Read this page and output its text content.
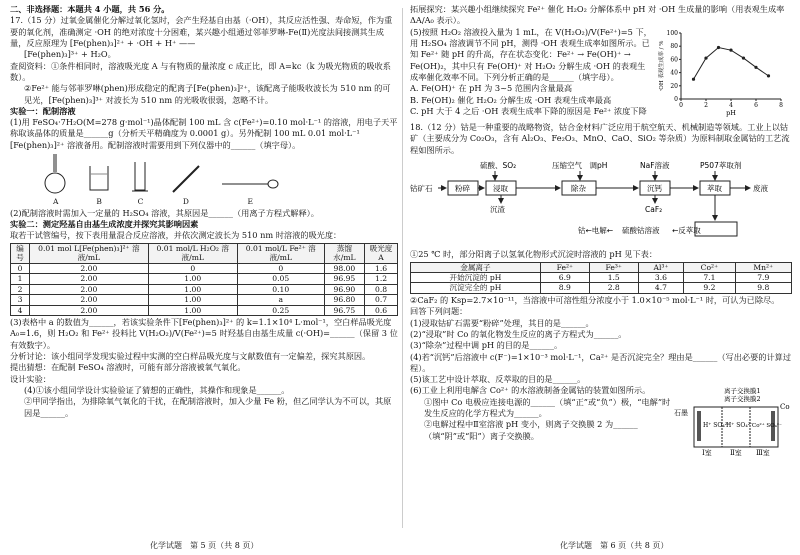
二、非选择题：本题共 4 小题，共 56 分。

17.（15 分）过氧金属催化分解过氧化氢时，会产生羟基自由基（·OH），其反应活性强、寿命短，作为重要的氧化剂，准确测定 ·OH 的绝对浓度十分困难，某兴趣小组通过邻菲罗啉-Fe(Ⅱ)光度法间接测其生成量，反应原理为 [Fe(phen)₃]²⁺ + ·OH + H⁺ ——

[Fe(phen)₃]³⁺ + H₂O。

查阅资料：①条件相同时，溶液吸光度 A 与有物质的量浓度 c 成正比，即 A=kc（k 为吸光物质的吸收系数）。

②Fe²⁺ 能与邻菲罗啉(phen)形成稳定的配离子[Fe(phen)₃]²⁺，该配离子能吸收波长为 510 nm 的可见光，[Fe(phen)₃]³⁺ 对波长为 510 nm 的光吸收很弱，忽略不计。

实验一：配制溶液

(1)用 FeSO₄·7H₂O(M=278 g·mol⁻¹)晶体配制 100 mL 含 c(Fe²⁺)=0.10 mol·L⁻¹ 的溶液，用电子天平称取该晶体的质量是______g（分析天平精确度为 0.0001 g）。另外配制 100 mL 0.01 mol·L⁻¹ [Fe(phen)₃]²⁺ 溶液备用。配制溶液时需要用到下列仪器中的______（填字母）。

A	B	C	D	E

(2)配制溶液时需加入一定量的 H₂SO₄ 溶液，其原因是______（用离子方程式解释）。

实验二：测定羟基自由基生成浓度并探究其影响因素

取若干试管编号，按下表用量混合反应溶液，并依次测定波长为 510 nm 时溶液的吸光度：

编号	0.01 mol L[Fe(phen)₃]²⁺ 溶液/mL	0.01 mol/L H₂O₂ 溶液/mL	0.01 mol/L Fe²⁺ 溶液/mL	蒸馏水/mL	吸光度 A
0	2.00	0	0	98.00	1.6
1	2.00	1.00	0.05	96.95	1.2
2	2.00	1.00	0.10	96.90	0.8
3	2.00	1.00	a	96.80	0.7
4	2.00	1.00	0.25	96.75	0.6

(3)表格中 a 的数值为______，若该实验条件下[Fe(phen)₃]²⁺ 的 k=1.1×10⁴ L·mol⁻¹，空白样品吸光度 A₀=1.6，则 H₂O₂ 和 Fe²⁺ 投料比 V(H₂O₂)/V(Fe²⁺)=5 时羟基自由基生成量 c(·OH)=______（保留 3 位有效数字）。

分析讨论：该小组同学发现实验过程中实测的空白样品吸光度与文献数值有一定偏差，探究其原因。

提出猜想：在配制 FeSO₄ 溶液时，可能有部分溶液被氧气氧化。

设计实验：

(4)①该小组同学设计实验验证了猜想的正确性，其操作和现象是______。

②甲同学指出，为排除氧气氧化的干扰，在配制溶液时，加入少量 Fe 粉，但乙同学认为不可以，其原因是______。

化学试题　第 5 页（共 8 页）

拓展探究：某兴趣小组继续探究 Fe²⁺ 催化 H₂O₂ 分解体系中 pH 对 ·OH 生成量的影响（用表观生成率 ΔA/A₀ 表示）。

0
20
40
60
80
100
0	2	4	6	8
pH
·OH 表观生成率 / %

(5)按照 H₂O₂ 溶液投入量为 1 mL，在 V(H₂O₂)/V(Fe²⁺)=5 下，用 H₂SO₄ 溶液调节不同 pH，测得 ·OH 表观生成率如图所示。已知 Fe²⁺ 随 pH 的升高，存在状态变化：Fe²⁺ → Fe(OH)⁺ → Fe(OH)₂，其中只有 Fe(OH)⁺ 对 H₂O₂ 分解生成 ·OH 的表观生成率催化效率不同。下列分析正确的是______（填字母）。

A. Fe(OH)⁺ 在 pH 为 3~5 范围内含量最高

B. Fe(OH)₂ 催化 H₂O₂ 分解生成 ·OH 表观生成率最高

C. pH 大于 4 之后 ·OH 表观生成率下降的原因是 Fe²⁺ 浓度下降

18.（12 分）钴是一种重要的战略物资，钴合金材料广泛应用于航空航天、机械制造等领域。工业上以钴矿（主要成分为 Co₂O₃，含有 Al₂O₃、Fe₂O₃、MnO、CaO、SiO₂ 等杂质）为原料制取金属钴的工艺流程如图所示。

硫酸、SO₂	压缩空气　调pH	NaF溶液	P507萃取剂
钴矿石	粉碎	浸取	除杂	沉钙	萃取	废液
沉渣	CaF₂
钴←电解← 硫酸钴溶液 ←反萃取

①25 ℃ 时，部分阳离子以氢氧化物形式沉淀时溶液的 pH 见下表：

金属离子	Fe²⁺	Fe³⁺	Al³⁺	Co²⁺	Mn²⁺
开始沉淀的 pH	6.9	1.5	3.6	7.1	7.9
沉淀完全的 pH	8.9	2.8	4.7	9.2	9.8

②CaF₂ 的 Ksp=2.7×10⁻¹¹，当溶液中可溶性组分浓度小于 1.0×10⁻⁵ mol·L⁻¹ 时，可认为已除尽。

回答下列问题：

(1)浸取钴矿石需要“粉碎”处理，其目的是______。

(2)“浸取”时 Co 的氧化物发生反应的离子方程式为______。

(3)“除杂”过程中调 pH 的目的是______。

(4)若“沉钙”后溶液中 c(F⁻)=1×10⁻³ mol·L⁻¹，Ca²⁺ 是否沉淀完全？理由是______（写出必要的计算过程）。

(5)该工艺中设计萃取、反萃取的目的是______。

(6)工业上利用电解含 Co²⁺ 的水溶液制备金属钴的装置如图所示。

①图中 Co 电极应连接电源的______（填“正”或“负”）极，“电解”时发生反应的化学方程式为______。

②电解过程中Ⅱ室溶液 pH 变小，则离子交换膜 2 为______（填“阴”或“阳”）离子交换膜。

离子交换膜1
离子交换膜2
石墨
Co
H⁺ SO₄²⁻
H⁺ SO₄²⁻
Co²⁺ SO₄²⁻
Ⅰ室	Ⅱ室 Ⅲ室
化学试题　第 6 页（共 8 页）
